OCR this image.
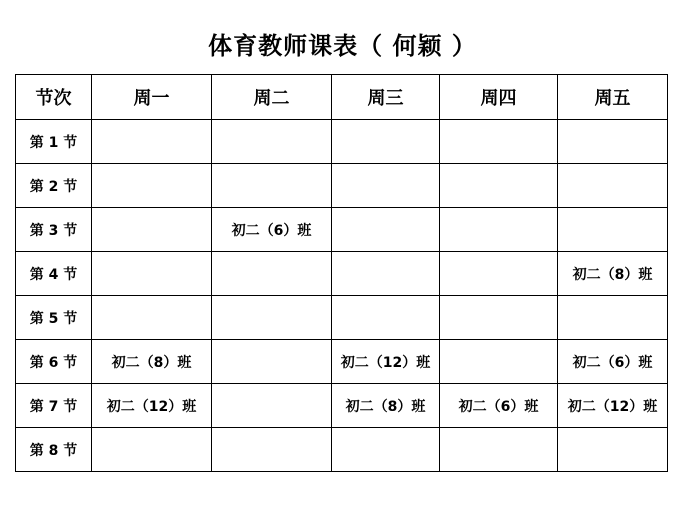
体育教师课表（ 何颖 ）
节次	周一	周二	周三	周四	周五
第 1 节					
第 2 节					
第 3 节		初二（6）班			
第 4 节					初二（8）班
第 5 节					
第 6 节	初二（8）班		初二（12）班		初二（6）班
第 7 节	初二（12）班		初二（8）班	初二（6）班	初二（12）班
第 8 节					
